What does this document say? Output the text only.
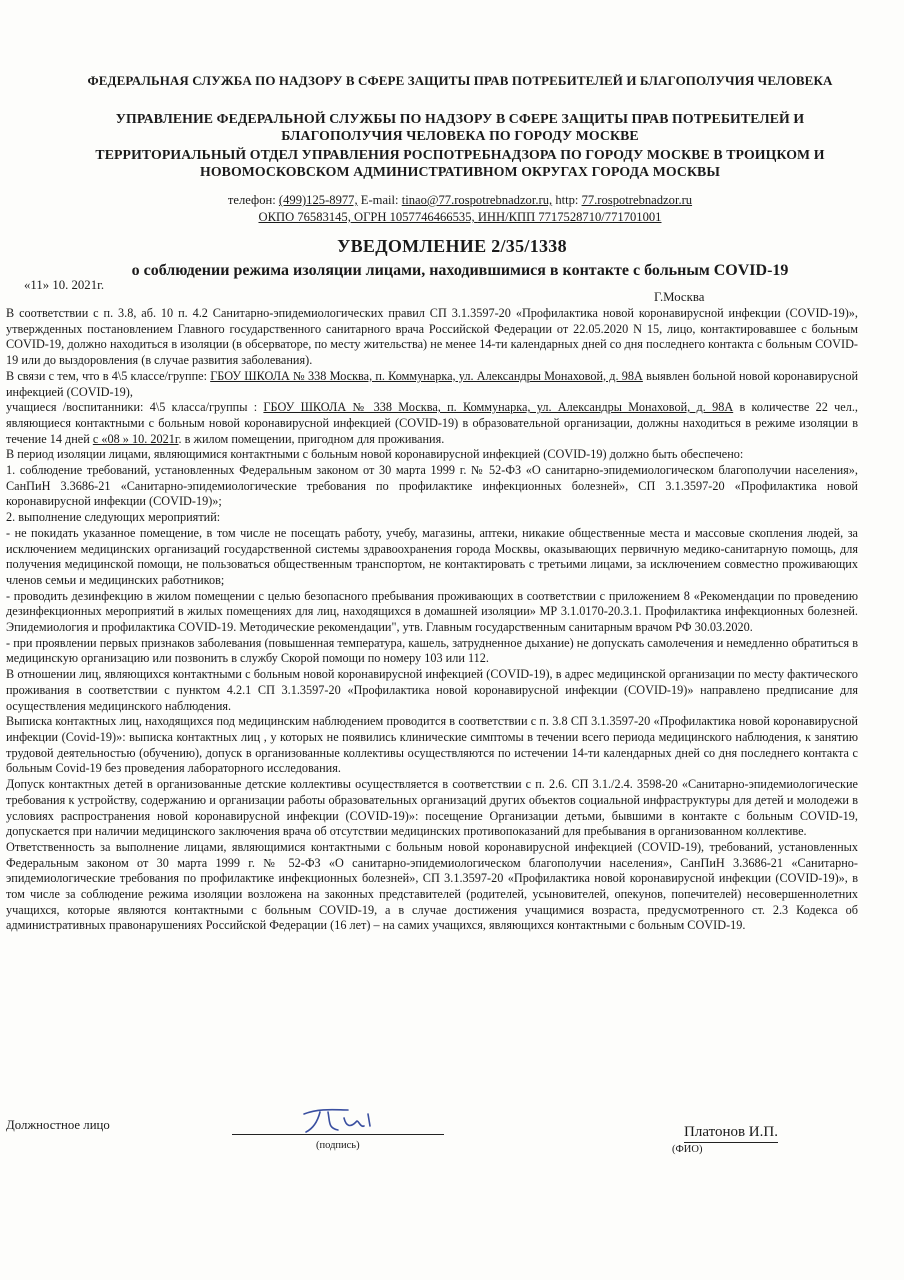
ФЕДЕРАЛЬНАЯ СЛУЖБА ПО НАДЗОРУ В СФЕРЕ ЗАЩИТЫ ПРАВ ПОТРЕБИТЕЛЕЙ И БЛАГОПОЛУЧИЯ ЧЕЛОВЕКА
УПРАВЛЕНИЕ ФЕДЕРАЛЬНОЙ СЛУЖБЫ ПО НАДЗОРУ В СФЕРЕ ЗАЩИТЫ ПРАВ ПОТРЕБИТЕЛЕЙ И БЛАГОПОЛУЧИЯ ЧЕЛОВЕКА ПО ГОРОДУ МОСКВЕ
ТЕРРИТОРИАЛЬНЫЙ ОТДЕЛ УПРАВЛЕНИЯ РОСПОТРЕБНАДЗОРА ПО ГОРОДУ МОСКВЕ В ТРОИЦКОМ И НОВОМОСКОВСКОМ АДМИНИСТРАТИВНОМ ОКРУГАХ ГОРОДА МОСКВЫ
телефон: (499)125-8977, E-mail: tinao@77.rospotrebnadzor.ru, http: 77.rospotrebnadzor.ru
ОКПО 76583145, ОГРН 1057746466535, ИНН/КПП 7717528710/771701001
УВЕДОМЛЕНИЕ 2/35/1338
о соблюдении режима изоляции лицами, находившимися в контакте с больным COVID-19
«11» 10. 2021г.
Г.Москва

В соответствии с п. 3.8, аб. 10 п. 4.2 Санитарно-эпидемиологических правил СП 3.1.3597-20 «Профилактика новой коронавирусной инфекции (COVID-19)», утвержденных постановлением Главного государственного санитарного врача Российской Федерации от 22.05.2020 N 15, лицо, контактировавшее с больным COVID-19, должно находиться в изоляции (в обсерваторе, по месту жительства) не менее 14-ти календарных дней со дня последнего контакта с больным COVID-19 или до выздоровления (в случае развития заболевания).

В связи с тем, что в 4\5 классе/группе: ГБОУ ШКОЛА № 338 Москва, п. Коммунарка, ул. Александры Монаховой, д. 98А выявлен больной новой коронавирусной инфекцией (COVID-19),

учащиеся /воспитанники: 4\5 класса/группы : ГБОУ ШКОЛА № 338 Москва, п. Коммунарка, ул. Александры Монаховой, д. 98А в количестве 22 чел., являющиеся контактными с больным новой коронавирусной инфекцией (COVID-19) в образовательной организации, должны находиться в режиме изоляции в течение 14 дней с «08 » 10. 2021г. в жилом помещении, пригодном для проживания.

В период изоляции лицами, являющимися контактными с больным новой коронавирусной инфекцией (COVID-19) должно быть обеспечено:

1. соблюдение требований, установленных Федеральным законом от 30 марта 1999 г. № 52-ФЗ «О санитарно-эпидемиологическом благополучии населения», СанПиН 3.3686-21 «Санитарно-эпидемиологические требования по профилактике инфекционных болезней», СП 3.1.3597-20 «Профилактика новой коронавирусной инфекции (COVID-19)»;

2. выполнение следующих мероприятий:

- не покидать указанное помещение, в том числе не посещать работу, учебу, магазины, аптеки, никакие общественные места и массовые скопления людей, за исключением медицинских организаций государственной системы здравоохранения города Москвы, оказывающих первичную медико-санитарную помощь, для получения медицинской помощи, не пользоваться общественным транспортом, не контактировать с третьими лицами, за исключением совместно проживающих членов семьи и медицинских работников;

- проводить дезинфекцию в жилом помещении с целью безопасного пребывания проживающих в соответствии с приложением 8 «Рекомендации по проведению дезинфекционных мероприятий в жилых помещениях для лиц, находящихся в домашней изоляции» МР 3.1.0170-20.3.1. Профилактика инфекционных болезней. Эпидемиология и профилактика COVID-19. Методические рекомендации", утв. Главным государственным санитарным врачом РФ 30.03.2020.

- при проявлении первых признаков заболевания (повышенная температура, кашель, затрудненное дыхание) не допускать самолечения и немедленно обратиться в медицинскую организацию или позвонить в службу Скорой помощи по номеру 103 или 112.

В отношении лиц, являющихся контактными с больным новой коронавирусной инфекцией (COVID-19), в адрес медицинской организации по месту фактического проживания в соответствии с пунктом 4.2.1 СП 3.1.3597-20 «Профилактика новой коронавирусной инфекции (COVID-19)» направлено предписание для осуществления медицинского наблюдения.

Выписка контактных лиц, находящихся под медицинским наблюдением проводится в соответствии с п. 3.8 СП 3.1.3597-20 «Профилактика новой коронавирусной инфекции (Covid-19)»: выписка контактных лиц , у которых не появились клинические симптомы в течении всего периода медицинского наблюдения, к занятию трудовой деятельностью (обучению), допуск в организованные коллективы осуществляются по истечении 14-ти календарных дней со дня последнего контакта с больным Covid-19 без проведения лабораторного исследования.

Допуск контактных детей в организованные детские коллективы осуществляется в соответствии с п. 2.6. СП 3.1./2.4. 3598-20 «Санитарно-эпидемиологические требования к устройству, содержанию и организации работы образовательных организаций других объектов социальной инфраструктуры для детей и молодежи в условиях распространения новой коронавирусной инфекции (COVID-19)»: посещение Организации детьми, бывшими в контакте с больным COVID-19, допускается при наличии медицинского заключения врача об отсутствии медицинских противопоказаний для пребывания в организованном коллективе.

Ответственность за выполнение лицами, являющимися контактными с больным новой коронавирусной инфекцией (COVID-19), требований, установленных Федеральным законом от 30 марта 1999 г. № 52-ФЗ «О санитарно-эпидемиологическом благополучии населения», СанПиН 3.3686-21 «Санитарно-эпидемиологические требования по профилактике инфекционных болезней», СП 3.1.3597-20 «Профилактика новой коронавирусной инфекции (COVID-19)», в том числе за соблюдение режима изоляции возложена на законных представителей (родителей, усыновителей, опекунов, попечителей) несовершеннолетних учащихся, которые являются контактными с больным COVID-19, а в случае достижения учащимися возраста, предусмотренного ст. 2.3 Кодекса об административных правонарушениях Российской Федерации (16 лет) – на самих учащихся, являющихся контактными с больным COVID-19.

Должностное лицо
(подпись)
Платонов И.П.
(ФИО)
